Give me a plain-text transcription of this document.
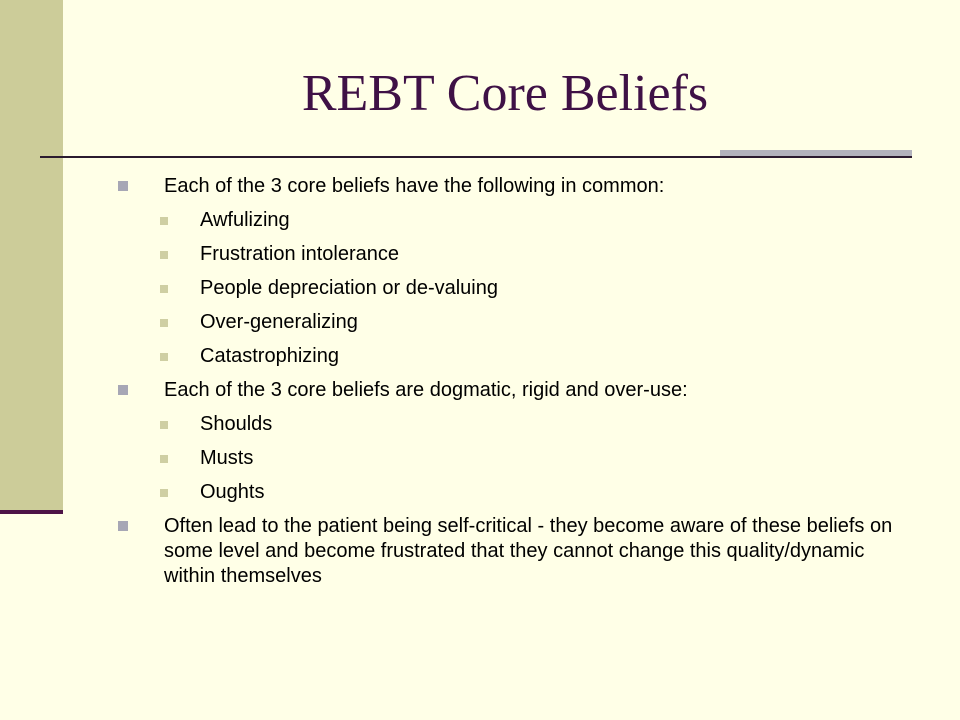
REBT Core Beliefs
Each of the 3 core beliefs have the following in common:
Awfulizing
Frustration intolerance
People depreciation or de-valuing
Over-generalizing
Catastrophizing
Each of the 3 core beliefs are dogmatic, rigid and over-use:
Shoulds
Musts
Oughts
Often lead to the patient being self-critical - they become aware of these beliefs on some level and become frustrated that they cannot change this quality/dynamic within themselves
